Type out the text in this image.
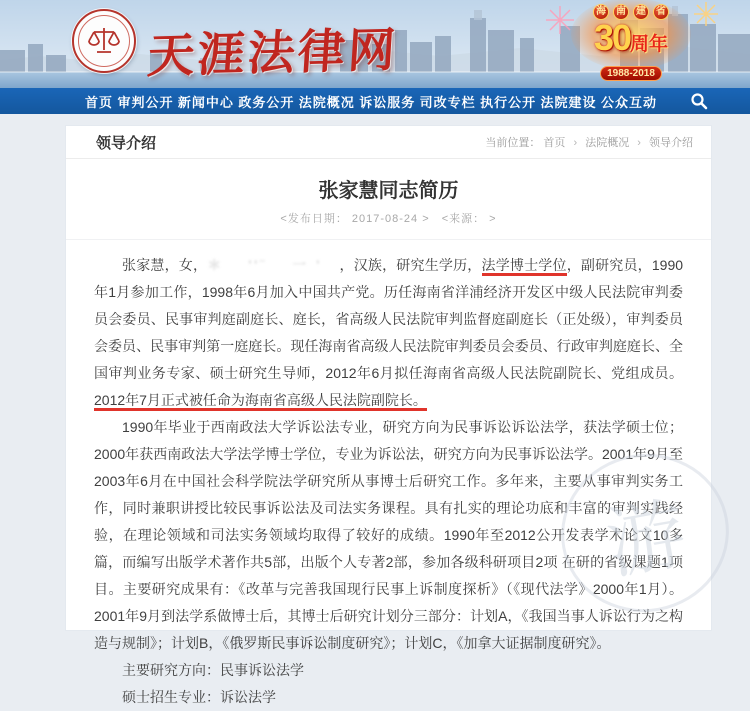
天涯法律网
海	南	建	省
30周年
1988-2018
首页 审判公开 新闻中心 政务公开 法院概况 诉讼服务 司改专栏 执行公开 法院建设 公众互动
领导介绍	当前位置： 首页 › 法院概况 › 领导介绍
张家慧同志简历
<发布日期： 2017-08-24 > <来源： >

张家慧，女，＊　 ''¨　 一 '　，汉族，研究生学历，法学博士学位，副研究员，1990年1月参加工作，1998年6月加入中国共产党。历任海南省洋浦经济开发区中级人民法院审判委员会委员、民事审判庭副庭长、庭长，省高级人民法院审判监督庭副庭长（正处级），审判委员会委员、民事审判第一庭庭长。现任海南省高级人民法院审判委员会委员、行政审判庭庭长、全国审判业务专家、硕士研究生导师，2012年6月拟任海南省高级人民法院副院长、党组成员。2012年7月正式被任命为海南省高级人民法院副院长。

1990年毕业于西南政法大学诉讼法专业，研究方向为民事诉讼诉讼法学，获法学硕士位；2000年获西南政法大学法学博士学位，专业为诉讼法，研究方向为民事诉讼法学。2001年9月至2003年6月在中国社会科学院法学研究所从事博士后研究工作。多年来，主要从事审判实务工作，同时兼职讲授比较民事诉讼法及司法实务课程。具有扎实的理论功底和丰富的审判实践经验，在理论领域和司法实务领域均取得了较好的成绩。1990年至2012公开发表学术论文10多篇，而编写出版学术著作共5部，出版个人专著2部，参加各级科研项目2项 在研的省级课题1项目。主要研究成果有：《改革与完善我国现行民事上诉制度探析》（《现代法学》2000年1月）。2001年9月到法学系做博士后，其博士后研究计划分三部分：计划A，《我国当事人诉讼行为之构造与规制》；计划B，《俄罗斯民事诉讼制度研究》；计划C，《加拿大证据制度研究》。

主要研究方向：民事诉讼法学

硕士招生专业：诉讼法学

游
